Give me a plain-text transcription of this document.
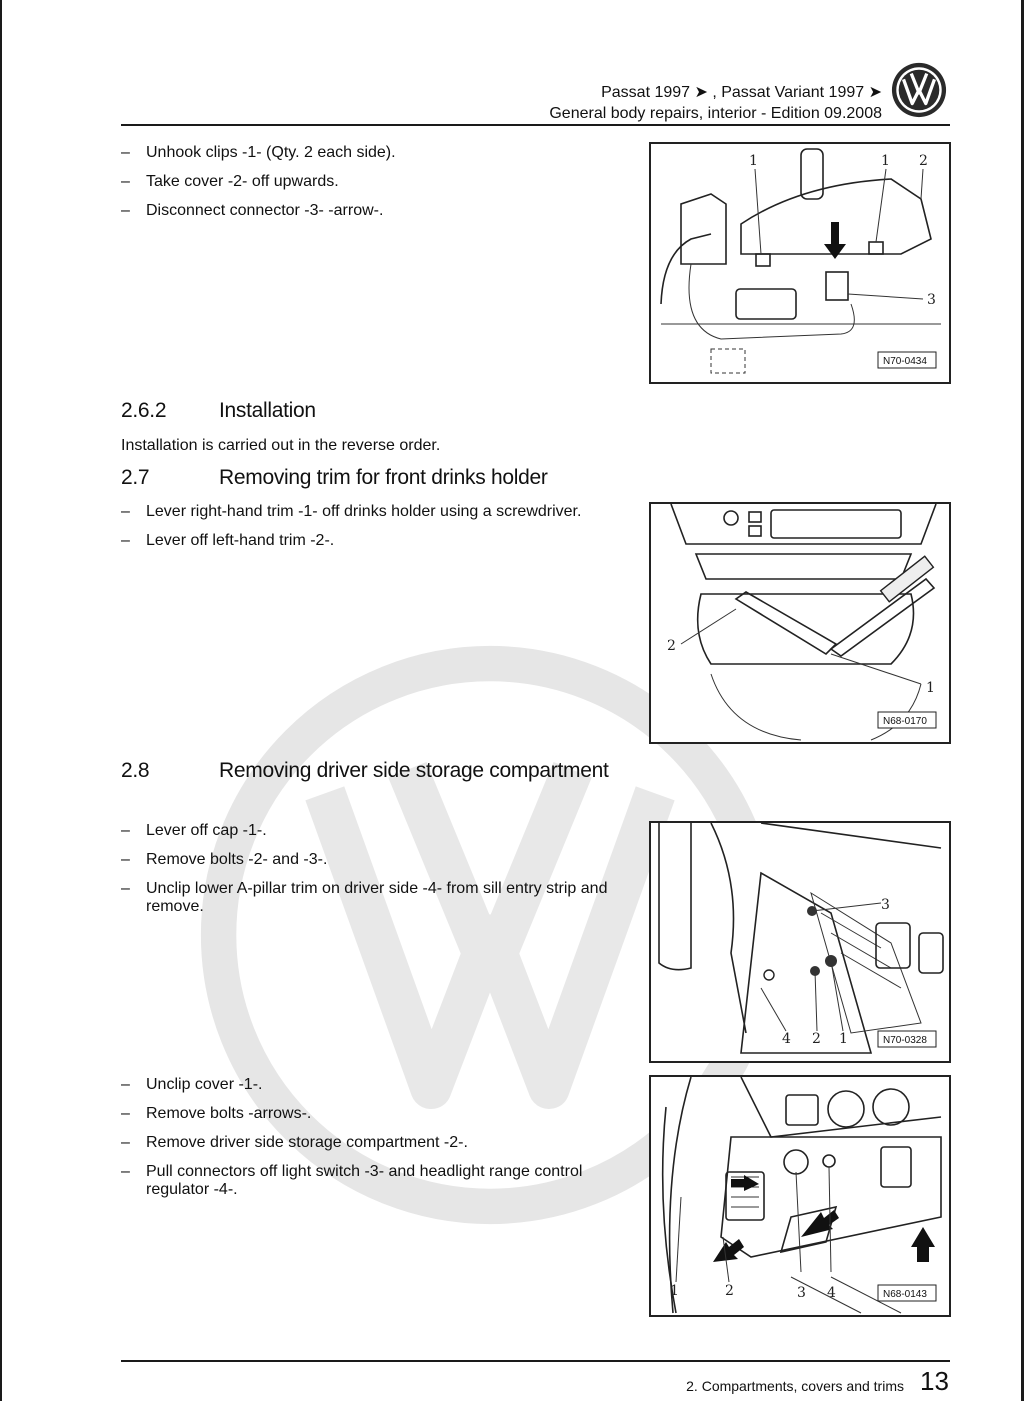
Passat 1997 ➤ , Passat Variant 1997 ➤
General body repairs, interior - Edition 09.2008
– Unhook clips -1- (Qty. 2 each side).
– Take cover -2- off upwards.
– Disconnect connector -3- -arrow-.
1	1 2
3
N70-0434
2.6.2	Installation
Installation is carried out in the reverse order.
2.7	Removing trim for front drinks holder
– Lever right-hand trim -1- off drinks holder using a screwdriver.
– Lever off left-hand trim -2-.
2
1
N68-0170
2.8	Removing driver side storage compartment
– Lever off cap -1-.
– Remove bolts -2- and -3-.
– Unclip lower A-pillar trim on driver side -4- from sill entry strip and remove.	3
4 2 1	N70-0328
– Unclip cover -1-.
– Remove bolts -arrows-.
– Remove driver side storage compartment -2-.
– Pull connectors off light switch -3- and headlight range control regulator -4-.
3 4
1	2	N68-0143
2. Compartments, covers and trims 13
